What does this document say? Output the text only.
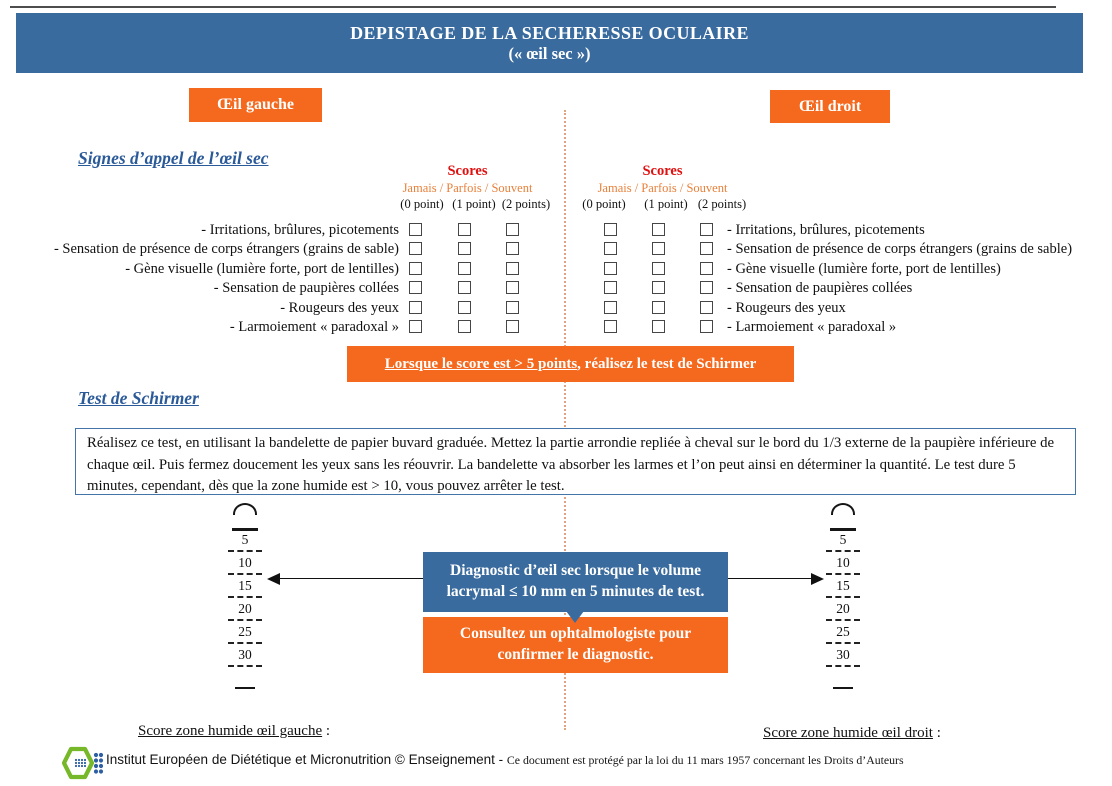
DEPISTAGE DE LA SECHERESSE OCULAIRE
(« œil sec »)
Œil gauche	Œil droit
Signes d’appel de l’œil sec
Scores	Scores
Jamais / Parfois / Souvent	Jamais / Parfois / Souvent
(0 point)	(0 point)
(1 point)	(1 point)
(2 points)	(2 points)
- Irritations, brûlures, picotements	- Irritations, brûlures, picotements
- Sensation de présence de corps étrangers (grains de sable)	- Sensation de présence de corps étrangers (grains de sable)
- Gène visuelle (lumière forte, port de lentilles)	- Gène visuelle (lumière forte, port de lentilles)
- Sensation de paupières collées	- Sensation de paupières collées
- Rougeurs des yeux	- Rougeurs des yeux
- Larmoiement « paradoxal »	- Larmoiement « paradoxal »
Lorsque le score est > 5 points , réalisez le test de Schirmer
Test de Schirmer
Réalisez ce test, en utilisant la bandelette de papier buvard graduée. Mettez la partie arrondie repliée à cheval sur le bord du 1/3 externe de la paupière inférieure de chaque œil. Puis fermez doucement les yeux sans les réouvrir. La bandelette va absorber les larmes et l’on peut ainsi en déterminer la quantité. Le test dure 5 minutes, cependant, dès que la zone humide est > 10, vous pouvez arrêter le test.
5
10
15
20
25
30
5
10
15
20
25
30
Diagnostic d’œil sec lorsque le volume lacrymal ≤ 10 mm en 5 minutes de test.
Consultez un ophtalmologiste pour confirmer le diagnostic.
Score zone humide œil gauche :	Score zone humide œil droit :
Institut Européen de Diététique et Micronutrition © Enseignement - Ce document est protégé par la loi du 11 mars 1957 concernant les Droits d’Auteurs
